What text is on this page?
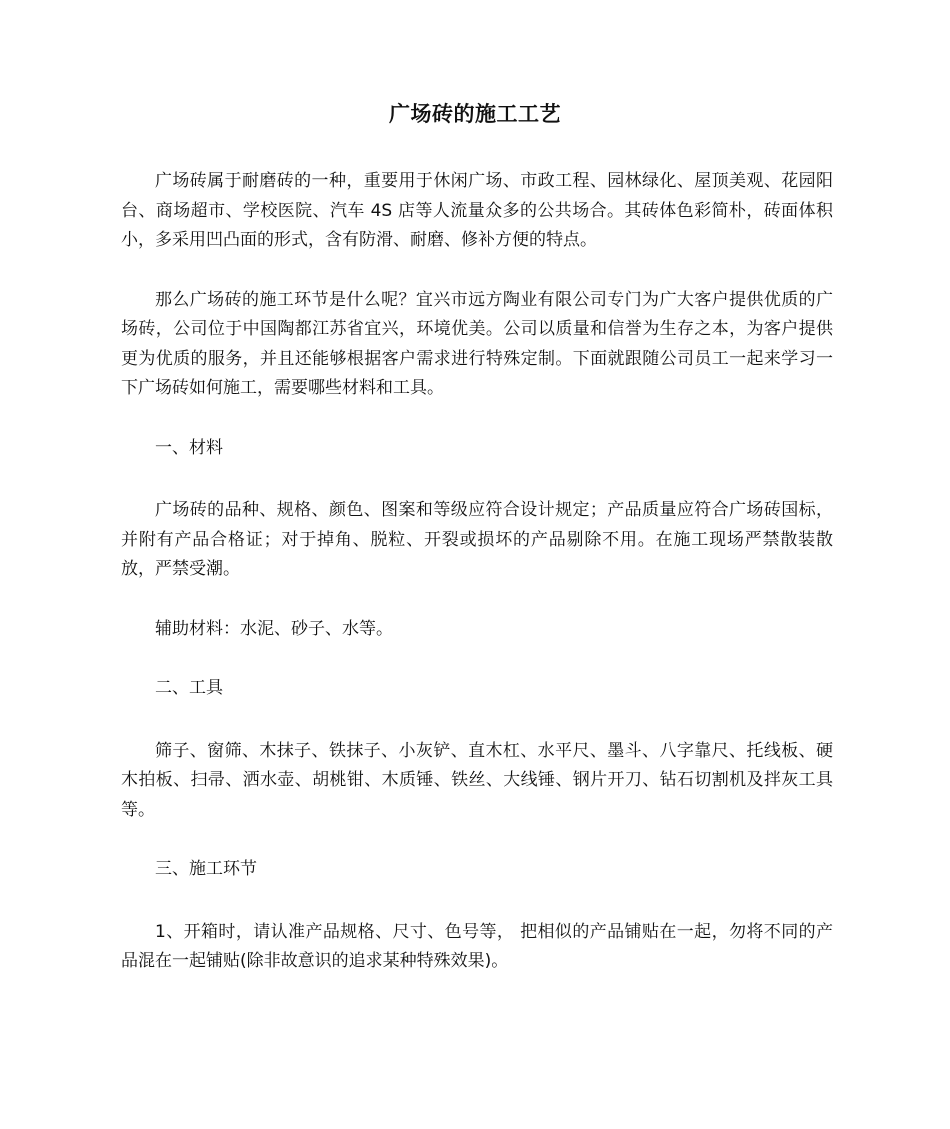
广场砖的施工工艺

广场砖属于耐磨砖的一种，重要用于休闲广场、市政工程、园林绿化、屋顶美观、花园阳台、商场超市、学校医院、汽车 4S 店等人流量众多的公共场合。其砖体色彩简朴，砖面体积小，多采用凹凸面的形式，含有防滑、耐磨、修补方便的特点。

那么广场砖的施工环节是什么呢？宜兴市远方陶业有限公司专门为广大客户提供优质的广场砖，公司位于中国陶都江苏省宜兴，环境优美。公司以质量和信誉为生存之本，为客户提供更为优质的服务，并且还能够根据客户需求进行特殊定制。下面就跟随公司员工一起来学习一下广场砖如何施工，需要哪些材料和工具。

一、材料

广场砖的品种、规格、颜色、图案和等级应符合设计规定；产品质量应符合广场砖国标，并附有产品合格证；对于掉角、脱粒、开裂或损坏的产品剔除不用。在施工现场严禁散装散放，严禁受潮。

辅助材料：水泥、砂子、水等。

二、工具

筛子、窗筛、木抹子、铁抹子、小灰铲、直木杠、水平尺、墨斗、八字靠尺、托线板、硬木拍板、扫帚、洒水壶、胡桃钳、木质锤、铁丝、大线锤、钢片开刀、钻石切割机及拌灰工具等。

三、施工环节

1、开箱时，请认准产品规格、尺寸、色号等， 把相似的产品铺贴在一起，勿将不同的产品混在一起铺贴(除非故意识的追求某种特殊效果)。
